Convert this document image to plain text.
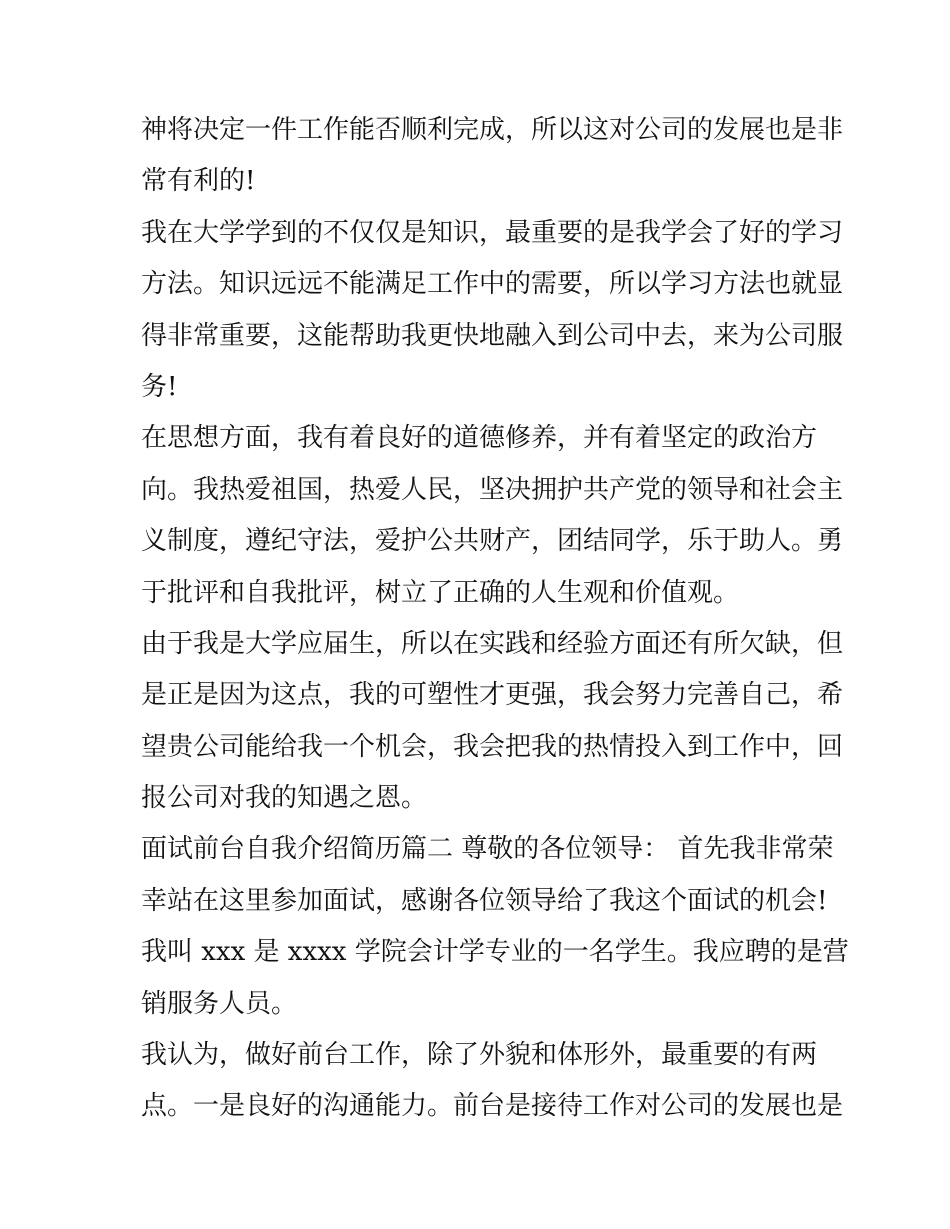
神将决定一件工作能否顺利完成，所以这对公司的发展也是非
常有利的!
我在大学学到的不仅仅是知识，最重要的是我学会了好的学习
方法。知识远远不能满足工作中的需要，所以学习方法也就显
得非常重要，这能帮助我更快地融入到公司中去，来为公司服
务!
在思想方面，我有着良好的道德修养，并有着坚定的政治方
向。我热爱祖国，热爱人民，坚决拥护共产党的领导和社会主
义制度，遵纪守法，爱护公共财产，团结同学，乐于助人。勇
于批评和自我批评，树立了正确的人生观和价值观。
由于我是大学应届生，所以在实践和经验方面还有所欠缺，但
是正是因为这点，我的可塑性才更强，我会努力完善自己，希
望贵公司能给我一个机会，我会把我的热情投入到工作中，回
报公司对我的知遇之恩。
面试前台自我介绍简历篇二 尊敬的各位领导： 首先我非常荣
幸站在这里参加面试，感谢各位领导给了我这个面试的机会!
我叫 xxx 是 xxxx 学院会计学专业的一名学生。我应聘的是营
销服务人员。
我认为，做好前台工作，除了外貌和体形外，最重要的有两
点。一是良好的沟通能力。前台是接待工作对公司的发展也是
